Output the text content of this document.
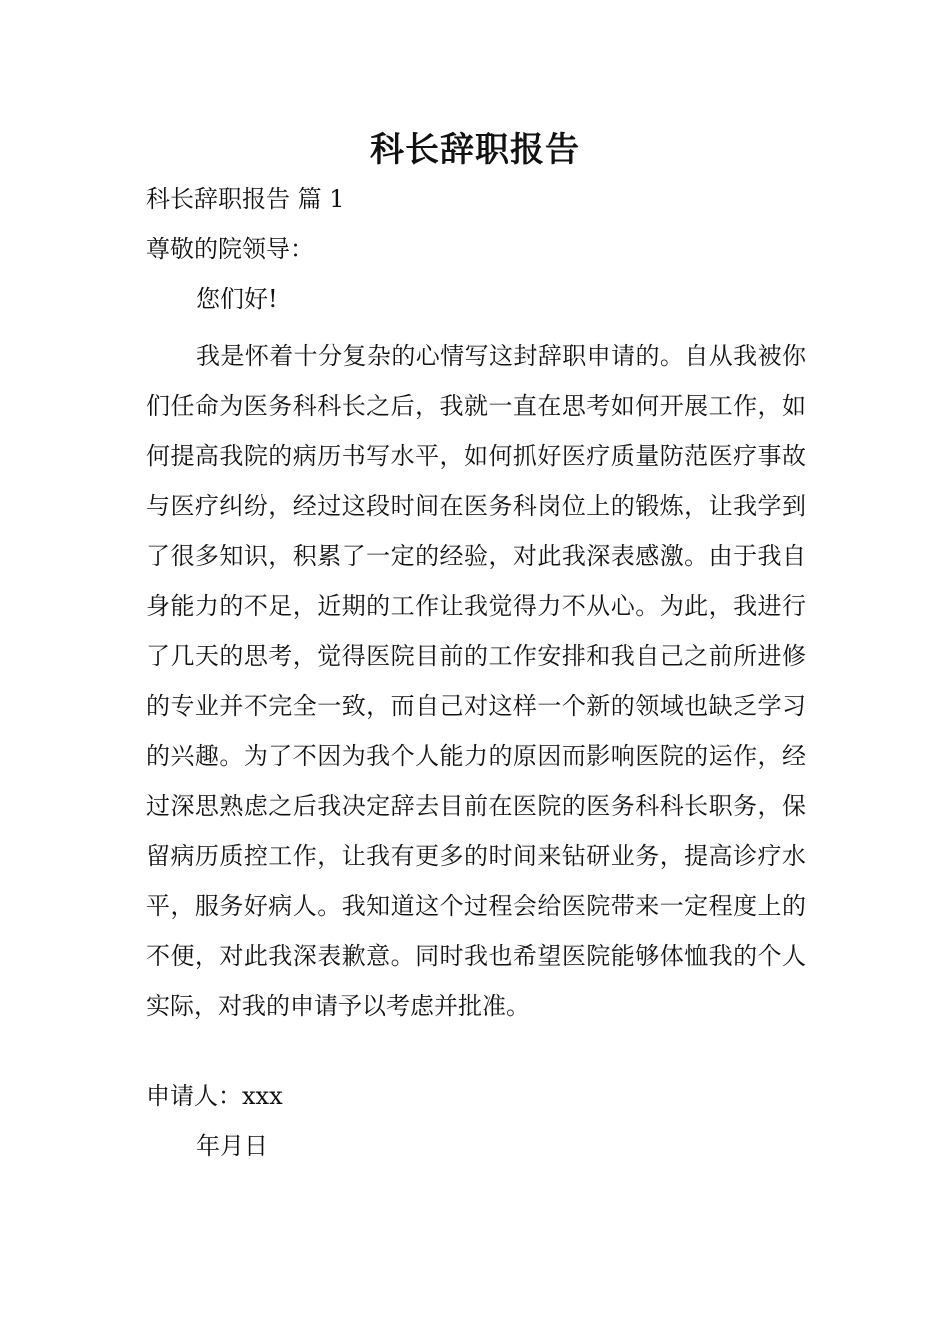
科长辞职报告
科长辞职报告 篇 1
尊敬的院领导：
您们好!
我是怀着十分复杂的心情写这封辞职申请的。自从我被你们任命为医务科科长之后，我就一直在思考如何开展工作，如何提高我院的病历书写水平，如何抓好医疗质量防范医疗事故与医疗纠纷，经过这段时间在医务科岗位上的锻炼，让我学到了很多知识，积累了一定的经验，对此我深表感激。由于我自身能力的不足，近期的工作让我觉得力不从心。为此，我进行了几天的思考，觉得医院目前的工作安排和我自己之前所进修的专业并不完全一致，而自己对这样一个新的领域也缺乏学习的兴趣。为了不因为我个人能力的原因而影响医院的运作，经过深思熟虑之后我决定辞去目前在医院的医务科科长职务，保留病历质控工作，让我有更多的时间来钻研业务，提高诊疗水平，服务好病人。我知道这个过程会给医院带来一定程度上的不便，对此我深表歉意。同时我也希望医院能够体恤我的个人实际，对我的申请予以考虑并批准。
申请人：xxx
年月日
